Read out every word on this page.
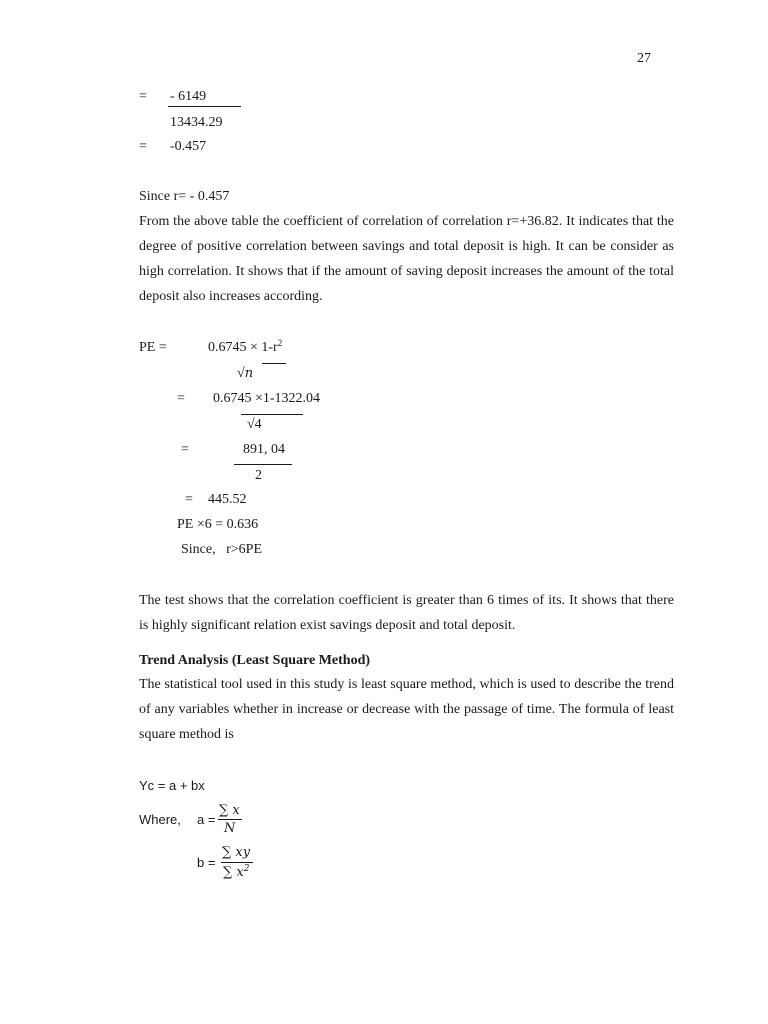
27
= - 6149
13434.29
= -0.457
Since r= - 0.457
From the above table the coefficient of correlation of correlation r=+36.82. It indicates that the degree of positive correlation between savings and total deposit is high. It can be consider as high correlation. It shows that if the amount of saving deposit increases the amount of the total deposit also increases according.
PE =	$0.6745 \times 1-r^2$
√n
= 0.6745 ×1-1322.04
√4
=	891, 04
2
= 445.52
PE ×6 = 0.636
Since,   r>6PE
The test shows that the correlation coefficient is greater than 6 times of its. It shows that there is highly significant relation exist savings deposit and total deposit.
Trend Analysis (Least Square Method)
The statistical tool used in this study is least square method, which is used to describe the trend of any variables whether in increase or decrease with the passage of time. The formula of least square method is
Yc = a + bx
Where, a =
∑ x
N
b =
∑ xy
∑ $x^2$
